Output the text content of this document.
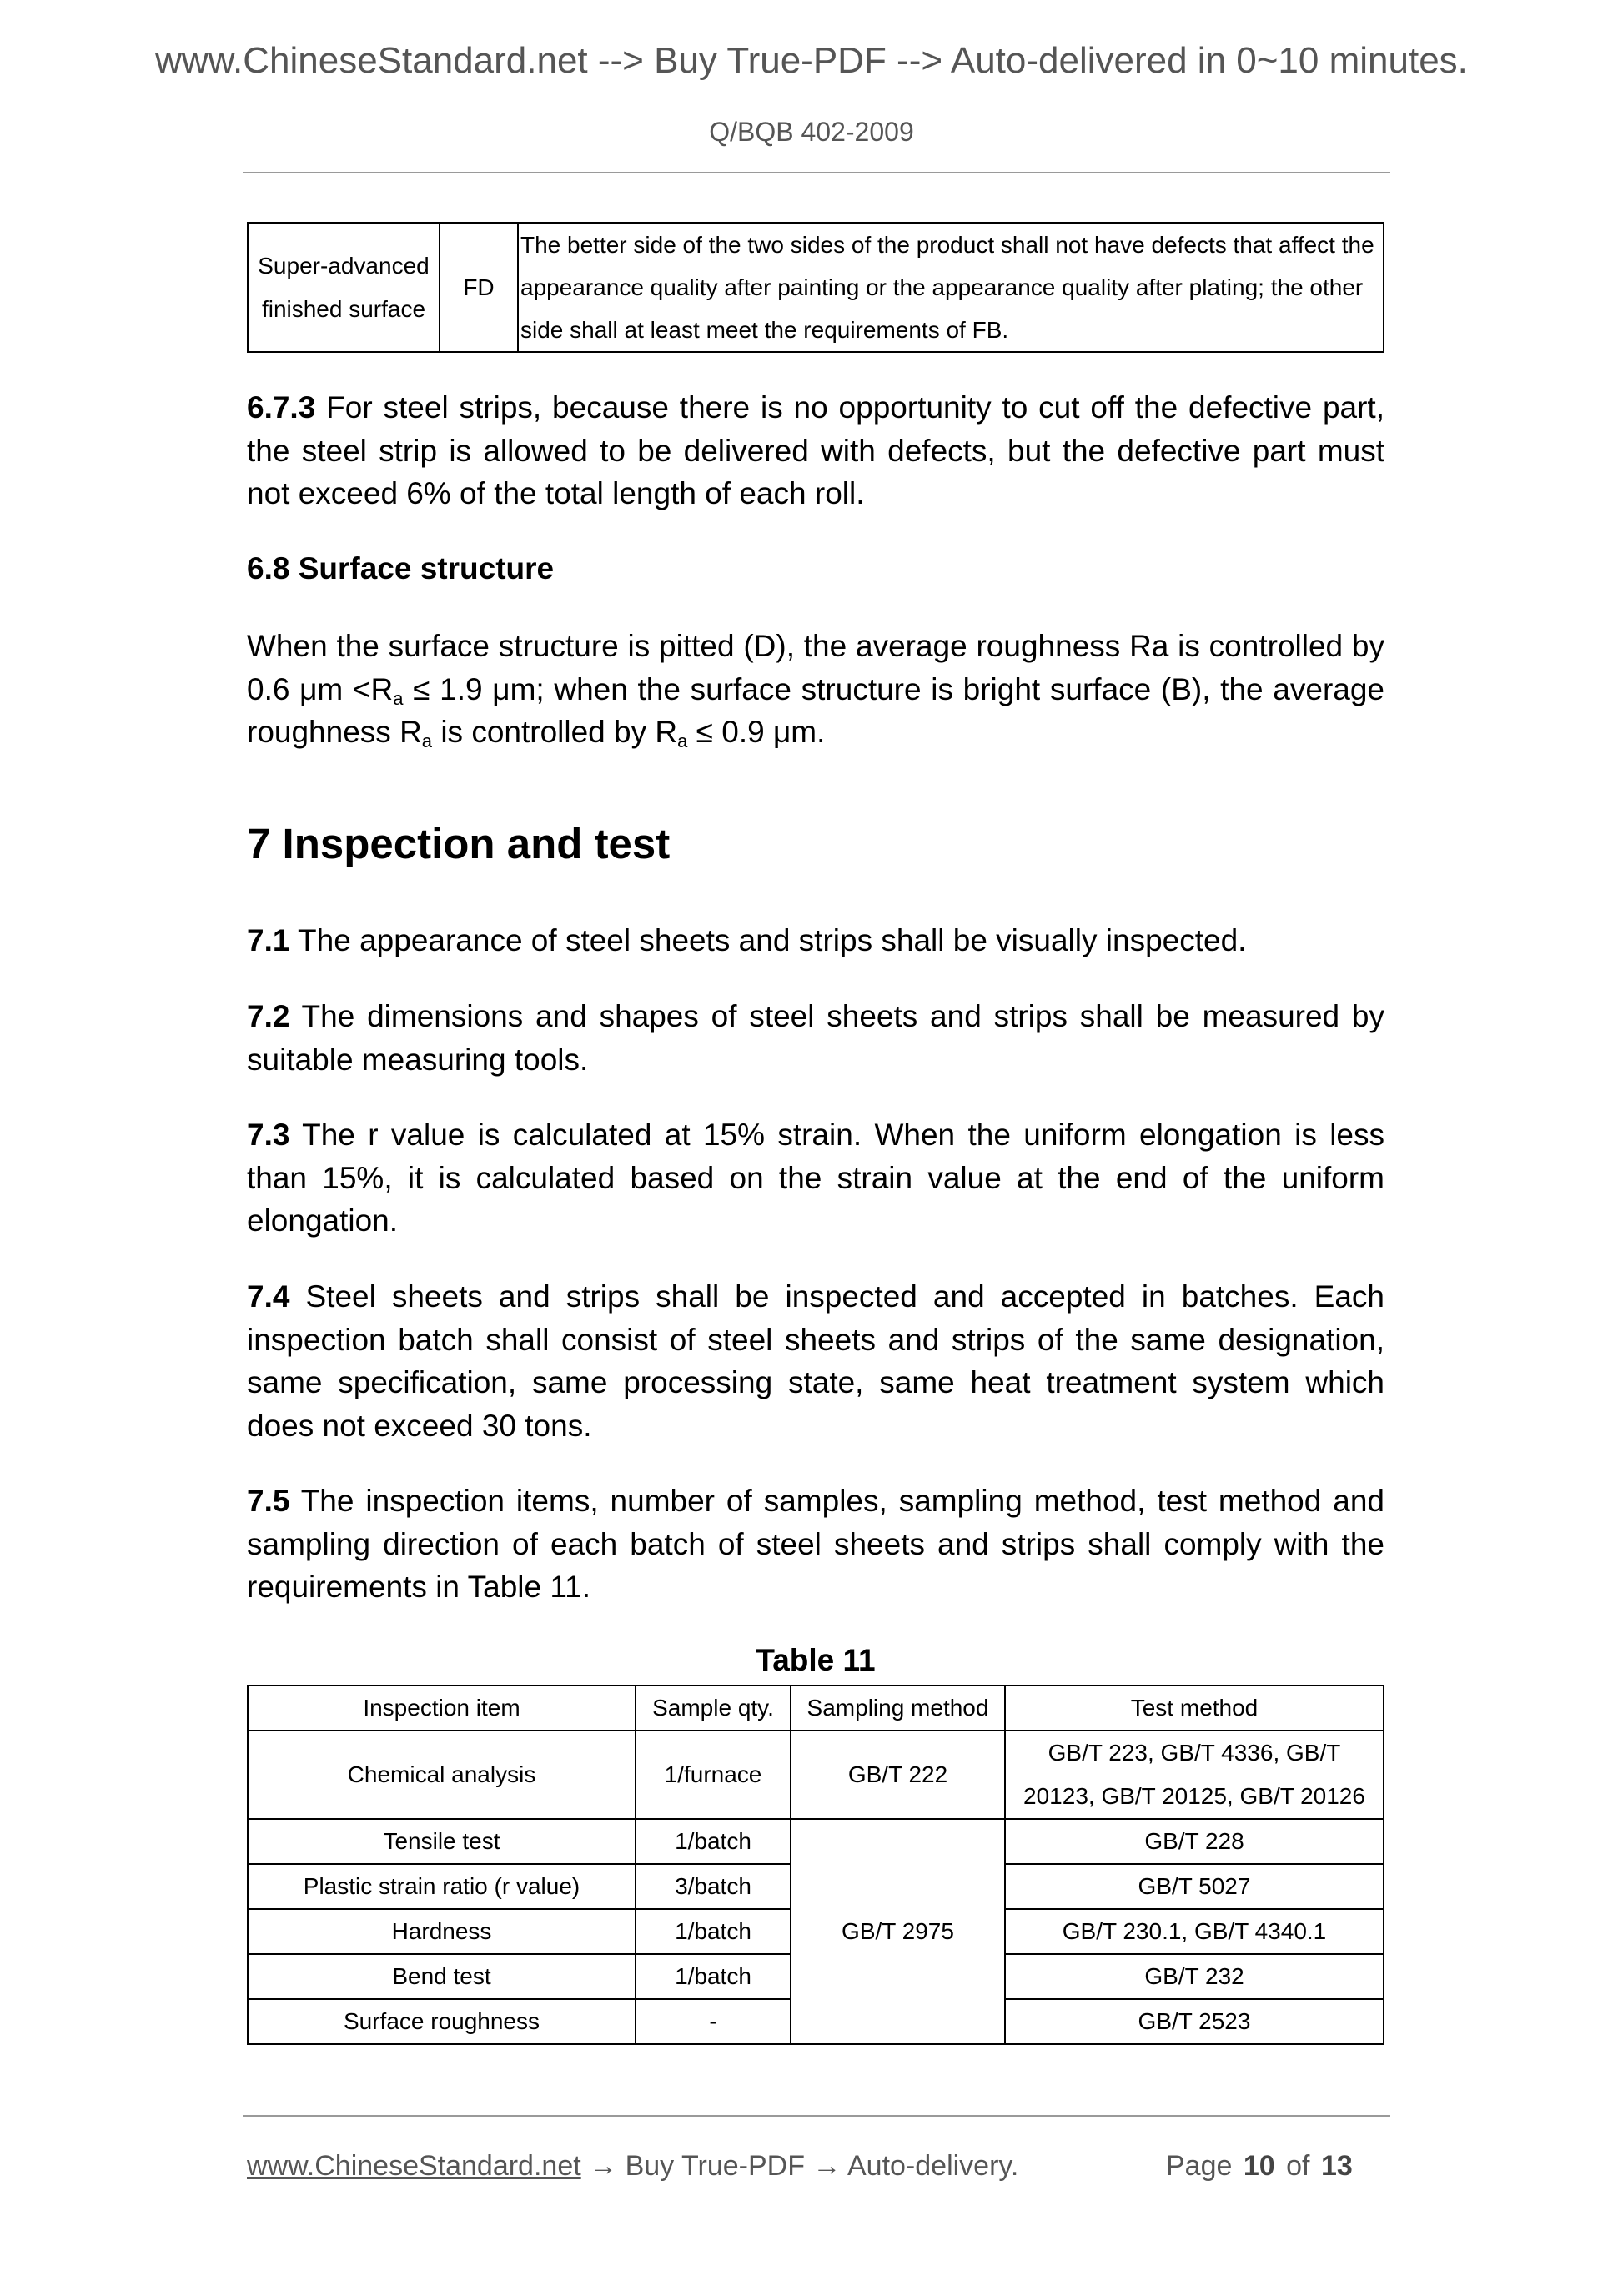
www.ChineseStandard.net --> Buy True-PDF --> Auto-delivered in 0~10 minutes.
Q/BQB 402-2009
Super-advanced
finished surface
	FD	The better side of the two sides of the product shall not have defects that affect the appearance quality after painting or the appearance quality after plating; the other side shall at least meet the requirements of FB.

6.7.3 For steel strips, because there is no opportunity to cut off the defective part, the steel strip is allowed to be delivered with defects, but the defective part must not exceed 6% of the total length of each roll.

6.8 Surface structure

When the surface structure is pitted (D), the average roughness Ra is controlled by 0.6 $\mu m <R_a \le 1.9$ μm; when the surface structure is bright surface (B), the average roughness $R_a$ is controlled by $R_a \le 0.9$ μm.

7 Inspection and test

7.1 The appearance of steel sheets and strips shall be visually inspected.

7.2 The dimensions and shapes of steel sheets and strips shall be measured by suitable measuring tools.

7.3 The r value is calculated at 15% strain. When the uniform elongation is less than 15%, it is calculated based on the strain value at the end of the uniform elongation.

7.4 Steel sheets and strips shall be inspected and accepted in batches. Each inspection batch shall consist of steel sheets and strips of the same designation, same specification, same processing state, same heat treatment system which does not exceed 30 tons.

7.5 The inspection items, number of samples, sampling method, test method and sampling direction of each batch of steel sheets and strips shall comply with the requirements in Table 11.

Table 11
Inspection item	Sample qty.	Sampling method	Test method
Chemical analysis	1/furnace	GB/T 222	GB/T 223, GB/T 4336, GB/T
20123, GB/T 20125, GB/T 20126

Tensile test	1/batch	GB/T 2975	GB/T 228
Plastic strain ratio (r value)	3/batch		GB/T 5027
Hardness	1/batch		GB/T 230.1, GB/T 4340.1
Bend test	1/batch		GB/T 232
Surface roughness	-		GB/T 2523
www.ChineseStandard.net → Buy True-PDF → Auto-delivery.	Page 10 of 13
